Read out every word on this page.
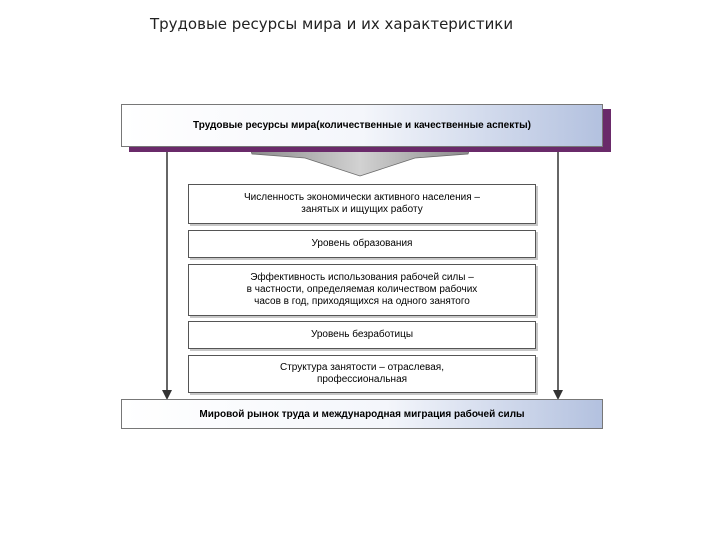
Трудовые ресурсы мира и их характеристики
Трудовые ресурсы мира (количественные и качественные аспекты)
Численность экономически активного населения –
занятых и ищущих работу
Уровень образования
Эффективность использования рабочей силы –
в частности, определяемая количеством рабочих
часов в год, приходящихся на одного занятого
Уровень безработицы
Структура занятости – отраслевая,
профессиональная
Мировой рынок труда и международная миграция рабочей силы
